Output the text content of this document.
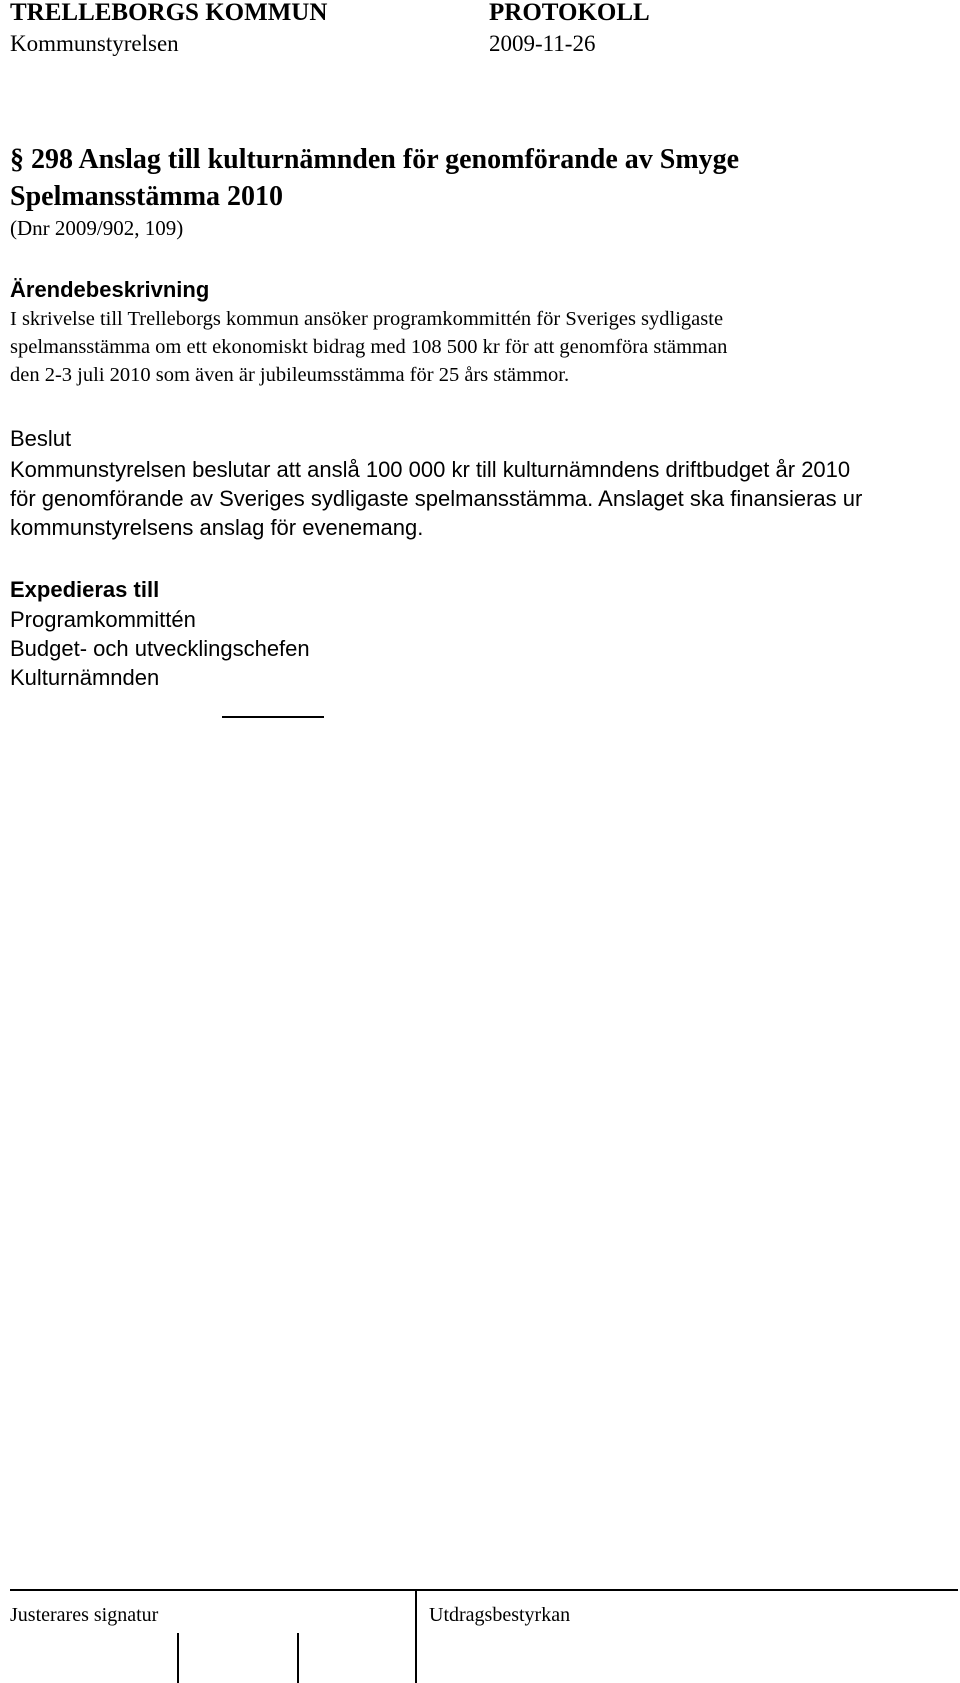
TRELLEBORGS KOMMUN	PROTOKOLL
Kommunstyrelsen	2009-11-26
§ 298 Anslag till kulturnämnden för genomförande av Smyge
Spelmansstämma 2010
(Dnr 2009/902, 109)
Ärendebeskrivning
I skrivelse till Trelleborgs kommun ansöker programkommittén för Sveriges sydligaste
spelmansstämma om ett ekonomiskt bidrag med 108 500 kr för att genomföra stämman
den 2-3 juli 2010 som även är jubileumsstämma för 25 års stämmor.
Beslut
Kommunstyrelsen beslutar att anslå 100 000 kr till kulturnämndens driftbudget år 2010
för genomförande av Sveriges sydligaste spelmansstämma. Anslaget ska finansieras ur
kommunstyrelsens anslag för evenemang.
Expedieras till
Programkommittén
Budget- och utvecklingschefen
Kulturnämnden
Justerares signatur	Utdragsbestyrkan
